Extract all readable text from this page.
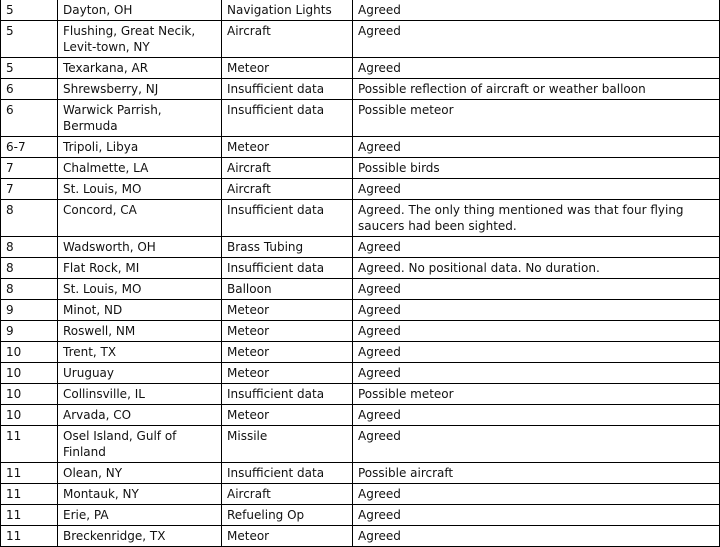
5	Dayton, OH	Navigation Lights	Agreed
5	Flushing, Great Necik, Levit-town, NY	Aircraft	Agreed
5	Texarkana, AR	Meteor	Agreed
6	Shrewsberry, NJ	Insufficient data	Possible reflection of aircraft or weather balloon
6	Warwick Parrish, Bermuda	Insufficient data	Possible meteor
6-7	Tripoli, Libya	Meteor	Agreed
7	Chalmette, LA	Aircraft	Possible birds
7	St. Louis, MO	Aircraft	Agreed
8	Concord, CA	Insufficient data	Agreed. The only thing mentioned was that four flying saucers had been sighted.
8	Wadsworth, OH	Brass Tubing	Agreed
8	Flat Rock, MI	Insufficient data	Agreed. No positional data. No duration.
8	St. Louis, MO	Balloon	Agreed
9	Minot, ND	Meteor	Agreed
9	Roswell, NM	Meteor	Agreed
10	Trent, TX	Meteor	Agreed
10	Uruguay	Meteor	Agreed
10	Collinsville, IL	Insufficient data	Possible meteor
10	Arvada, CO	Meteor	Agreed
11	Osel Island, Gulf of Finland	Missile	Agreed
11	Olean, NY	Insufficient data	Possible aircraft
11	Montauk, NY	Aircraft	Agreed
11	Erie, PA	Refueling Op	Agreed
11	Breckenridge, TX	Meteor	Agreed
